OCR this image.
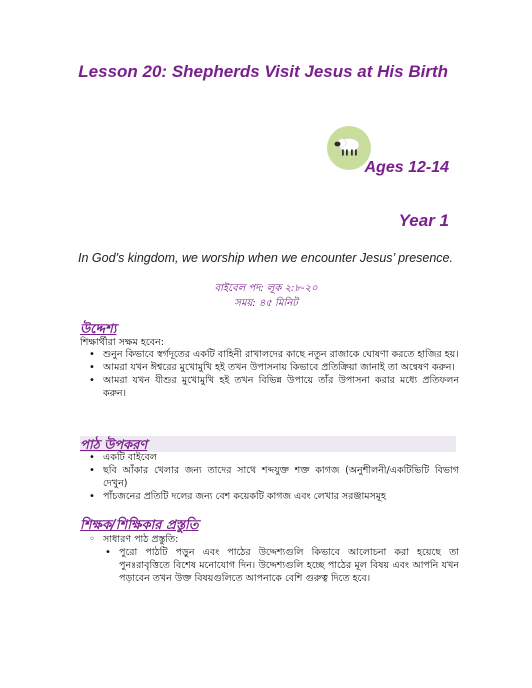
Lesson 20: Shepherds Visit Jesus at His Birth
Ages 12-14
Year 1
In God’s kingdom, we worship when we encounter Jesus’ presence.
বাইবেল পদ: লূক ২:৮-২০
সময়: ৪৫ মিনিট
উদ্দেশ্য
শিক্ষার্থীরা সক্ষম হবেন:
• শুনুন কিভাবে স্বর্গদূতের একটি বাহিনী রাখালদের কাছে নতুন রাজাকে ঘোষণা করতে হাজির হয়।
• আমরা যখন ঈশ্বরের মুখোমুখি হই তখন উপাসনায় কিভাবে প্রতিক্রিয়া জানাই তা অন্বেষণ করুন।
• আমরা যখন যীশুর মুখোমুখি হই তখন বিভিন্ন উপায়ে তাঁর উপাসনা করার মধ্যে প্রতিফলন করুন।
পাঠ উপকরণ
• একটি বাইবেল
• ছবি আঁকার খেলার জন্য তাদের সাথে শব্দযুক্ত শক্ত কাগজ (অনুশীলনী/একটিভিটি বিভাগ দেখুন)
• পাঁচজনের প্রতিটি দলের জন্য বেশ কয়েকটি কাগজ এবং লেখার সরঞ্জামসমূহ
শিক্ষক/শিক্ষিকার প্রস্তুতি
◦ সাধারণ পাঠ প্রস্তুতি:
• পুরো পাঠটি পড়ুন এবং পাঠের উদ্দেশ্যগুলি কিভাবে আলোচনা করা হয়েছে তা পুনঃরাবৃত্তিতে বিশেষ মনোযোগ দিন। উদ্দেশ্যগুলি হচ্ছে পাঠের মূল বিষয় এবং আপনি যখন পড়াবেন তখন উক্ত বিষয়গুলিতে আপনাকে বেশি গুরুত্ব দিতে হবে।
